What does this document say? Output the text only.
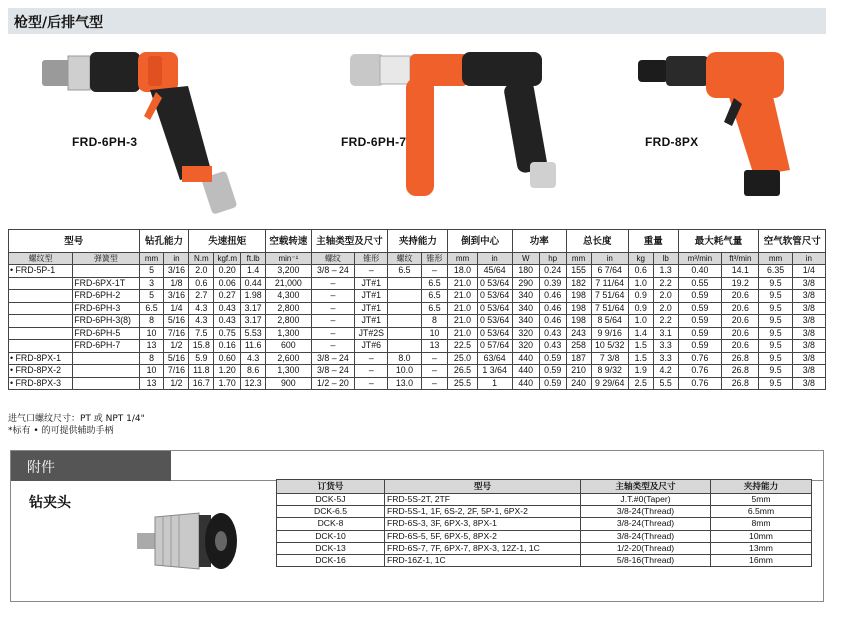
枪型/后排气型
FRD-6PH-3	FRD-6PH-7	FRD-8PX
型号		钻孔能力		失速扭矩			空载转速	主轴类型及尺寸		夹持能力		倒到中心		功率		总长度		重量		最大耗气量		空气软管尺寸	
螺纹型	弹簧型	mm	in	N.m	kgf.m	ft.lb	min⁻¹	螺纹	锥形	螺纹	锥形	mm	in	W	hp	mm	in	kg	lb	m³/min	ft³/min	mm	in
• FRD-5P-1		5	3/16	2.0	0.20	1.4	3,200	3/8 – 24	–	6.5	–	18.0	45/64	180	0.24	155	6 7/64	0.6	1.3	0.40	14.1	6.35	1/4
	FRD-6PX-1T	3	1/8	0.6	0.06	0.44	21,000	–	JT#1		6.5	21.0	0 53/64	290	0.39	182	7 11/64	1.0	2.2	0.55	19.2	9.5	3/8
	FRD-6PH-2	5	3/16	2.7	0.27	1.98	4,300	–	JT#1		6.5	21.0	0 53/64	340	0.46	198	7 51/64	0.9	2.0	0.59	20.6	9.5	3/8
	FRD-6PH-3	6.5	1/4	4.3	0.43	3.17	2,800	–	JT#1		6.5	21.0	0 53/64	340	0.46	198	7 51/64	0.9	2.0	0.59	20.6	9.5	3/8
	FRD-6PH-3(8)	8	5/16	4.3	0.43	3.17	2,800	–	JT#1		8	21.0	0 53/64	340	0.46	198	8 5/64	1.0	2.2	0.59	20.6	9.5	3/8
	FRD-6PH-5	10	7/16	7.5	0.75	5.53	1,300	–	JT#2S		10	21.0	0 53/64	320	0.43	243	9 9/16	1.4	3.1	0.59	20.6	9.5	3/8
	FRD-6PH-7	13	1/2	15.8	0.16	11.6	600	–	JT#6		13	22.5	0 57/64	320	0.43	258	10 5/32	1.5	3.3	0.59	20.6	9.5	3/8
• FRD-8PX-1		8	5/16	5.9	0.60	4.3	2,600	3/8 – 24	–	8.0	–	25.0	63/64	440	0.59	187	7 3/8	1.5	3.3	0.76	26.8	9.5	3/8
• FRD-8PX-2		10	7/16	11.8	1.20	8.6	1,300	3/8 – 24	–	10.0	–	26.5	1 3/64	440	0.59	210	8 9/32	1.9	4.2	0.76	26.8	9.5	3/8
• FRD-8PX-3		13	1/2	16.7	1.70	12.3	900	1/2 – 20	–	13.0	–	25.5	1	440	0.59	240	9 29/64	2.5	5.5	0.76	26.8	9.5	3/8
进气口螺纹尺寸：PT 或 NPT 1/4"
*标有 • 的可提供辅助手柄
附件
钻夹头
订货号	型号	主轴类型及尺寸	夹持能力
DCK-5J	FRD-5S-2T, 2TF	J.T.#0(Taper)	5mm
DCK-6.5	FRD-5S-1, 1F, 6S-2, 2F, 5P-1, 6PX-2	3/8-24(Thread)	6.5mm
DCK-8	FRD-6S-3, 3F, 6PX-3, 8PX-1	3/8-24(Thread)	8mm
DCK-10	FRD-6S-5, 5F, 6PX-5, 8PX-2	3/8-24(Thread)	10mm
DCK-13	FRD-6S-7, 7F, 6PX-7, 8PX-3, 12Z-1, 1C	1/2-20(Thread)	13mm
DCK-16	FRD-16Z-1, 1C	5/8-16(Thread)	16mm
